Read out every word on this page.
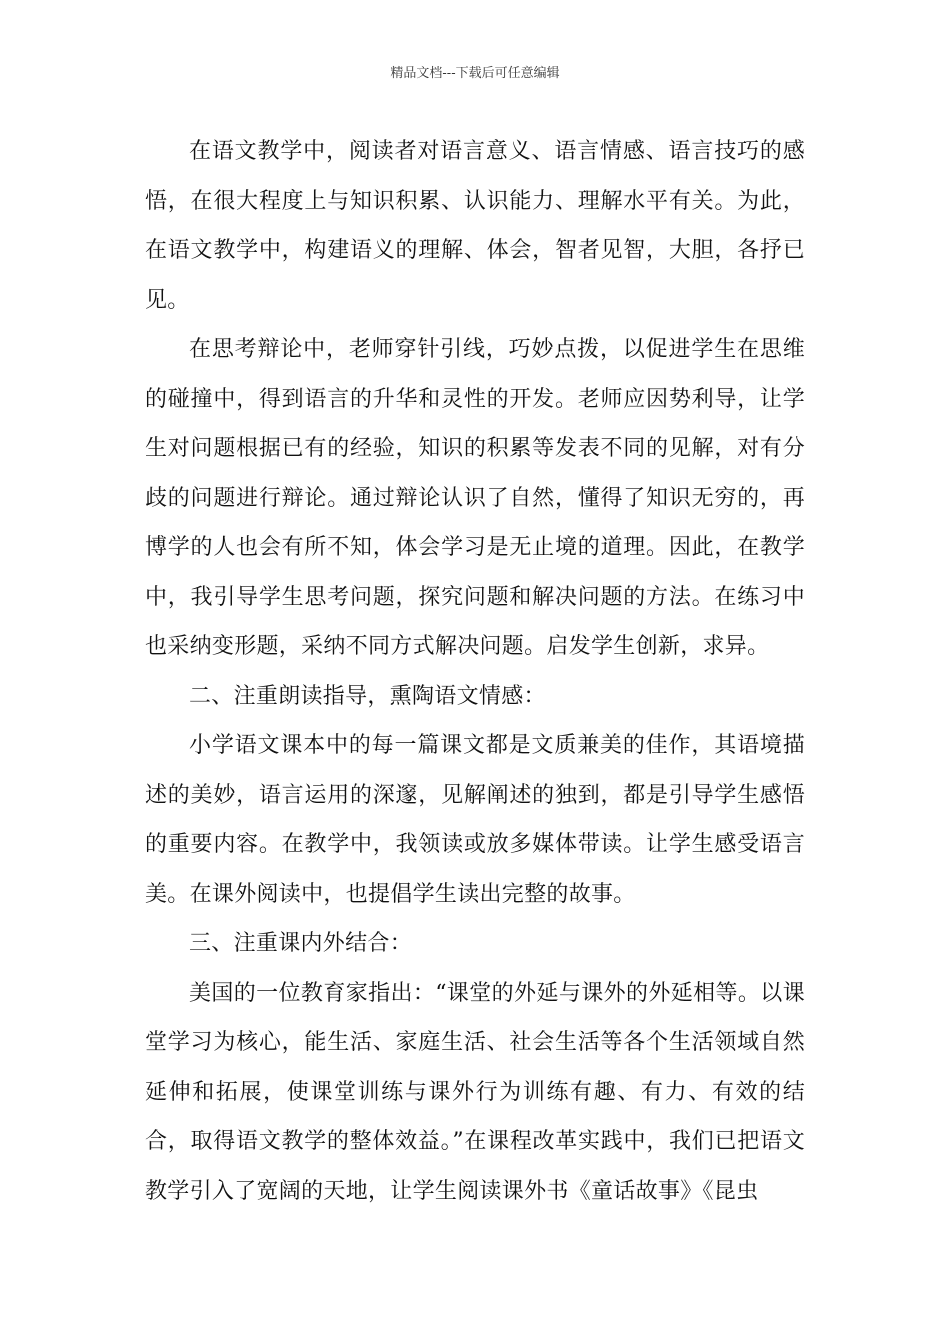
精品文档---下载后可任意编辑

在语文教学中，阅读者对语言意义、语言情感、语言技巧的感悟，在很大程度上与知识积累、认识能力、理解水平有关。为此，在语文教学中，构建语义的理解、体会，智者见智，大胆，各抒已见。

在思考辩论中，老师穿针引线，巧妙点拨，以促进学生在思维的碰撞中，得到语言的升华和灵性的开发。老师应因势利导，让学生对问题根据已有的经验，知识的积累等发表不同的见解，对有分歧的问题进行辩论。通过辩论认识了自然，懂得了知识无穷的，再博学的人也会有所不知，体会学习是无止境的道理。因此，在教学中，我引导学生思考问题，探究问题和解决问题的方法。在练习中也采纳变形题，采纳不同方式解决问题。启发学生创新，求异。

二、注重朗读指导，熏陶语文情感：

小学语文课本中的每一篇课文都是文质兼美的佳作，其语境描述的美妙，语言运用的深邃，见解阐述的独到，都是引导学生感悟的重要内容。在教学中，我领读或放多媒体带读。让学生感受语言美。在课外阅读中，也提倡学生读出完整的故事。

三、注重课内外结合：

美国的一位教育家指出：“课堂的外延与课外的外延相等。以课堂学习为核心，能生活、家庭生活、社会生活等各个生活领域自然延伸和拓展，使课堂训练与课外行为训练有趣、有力、有效的结合，取得语文教学的整体效益。”在课程改革实践中，我们已把语文教学引入了宽阔的天地，让学生阅读课外书《童话故事》《昆虫
